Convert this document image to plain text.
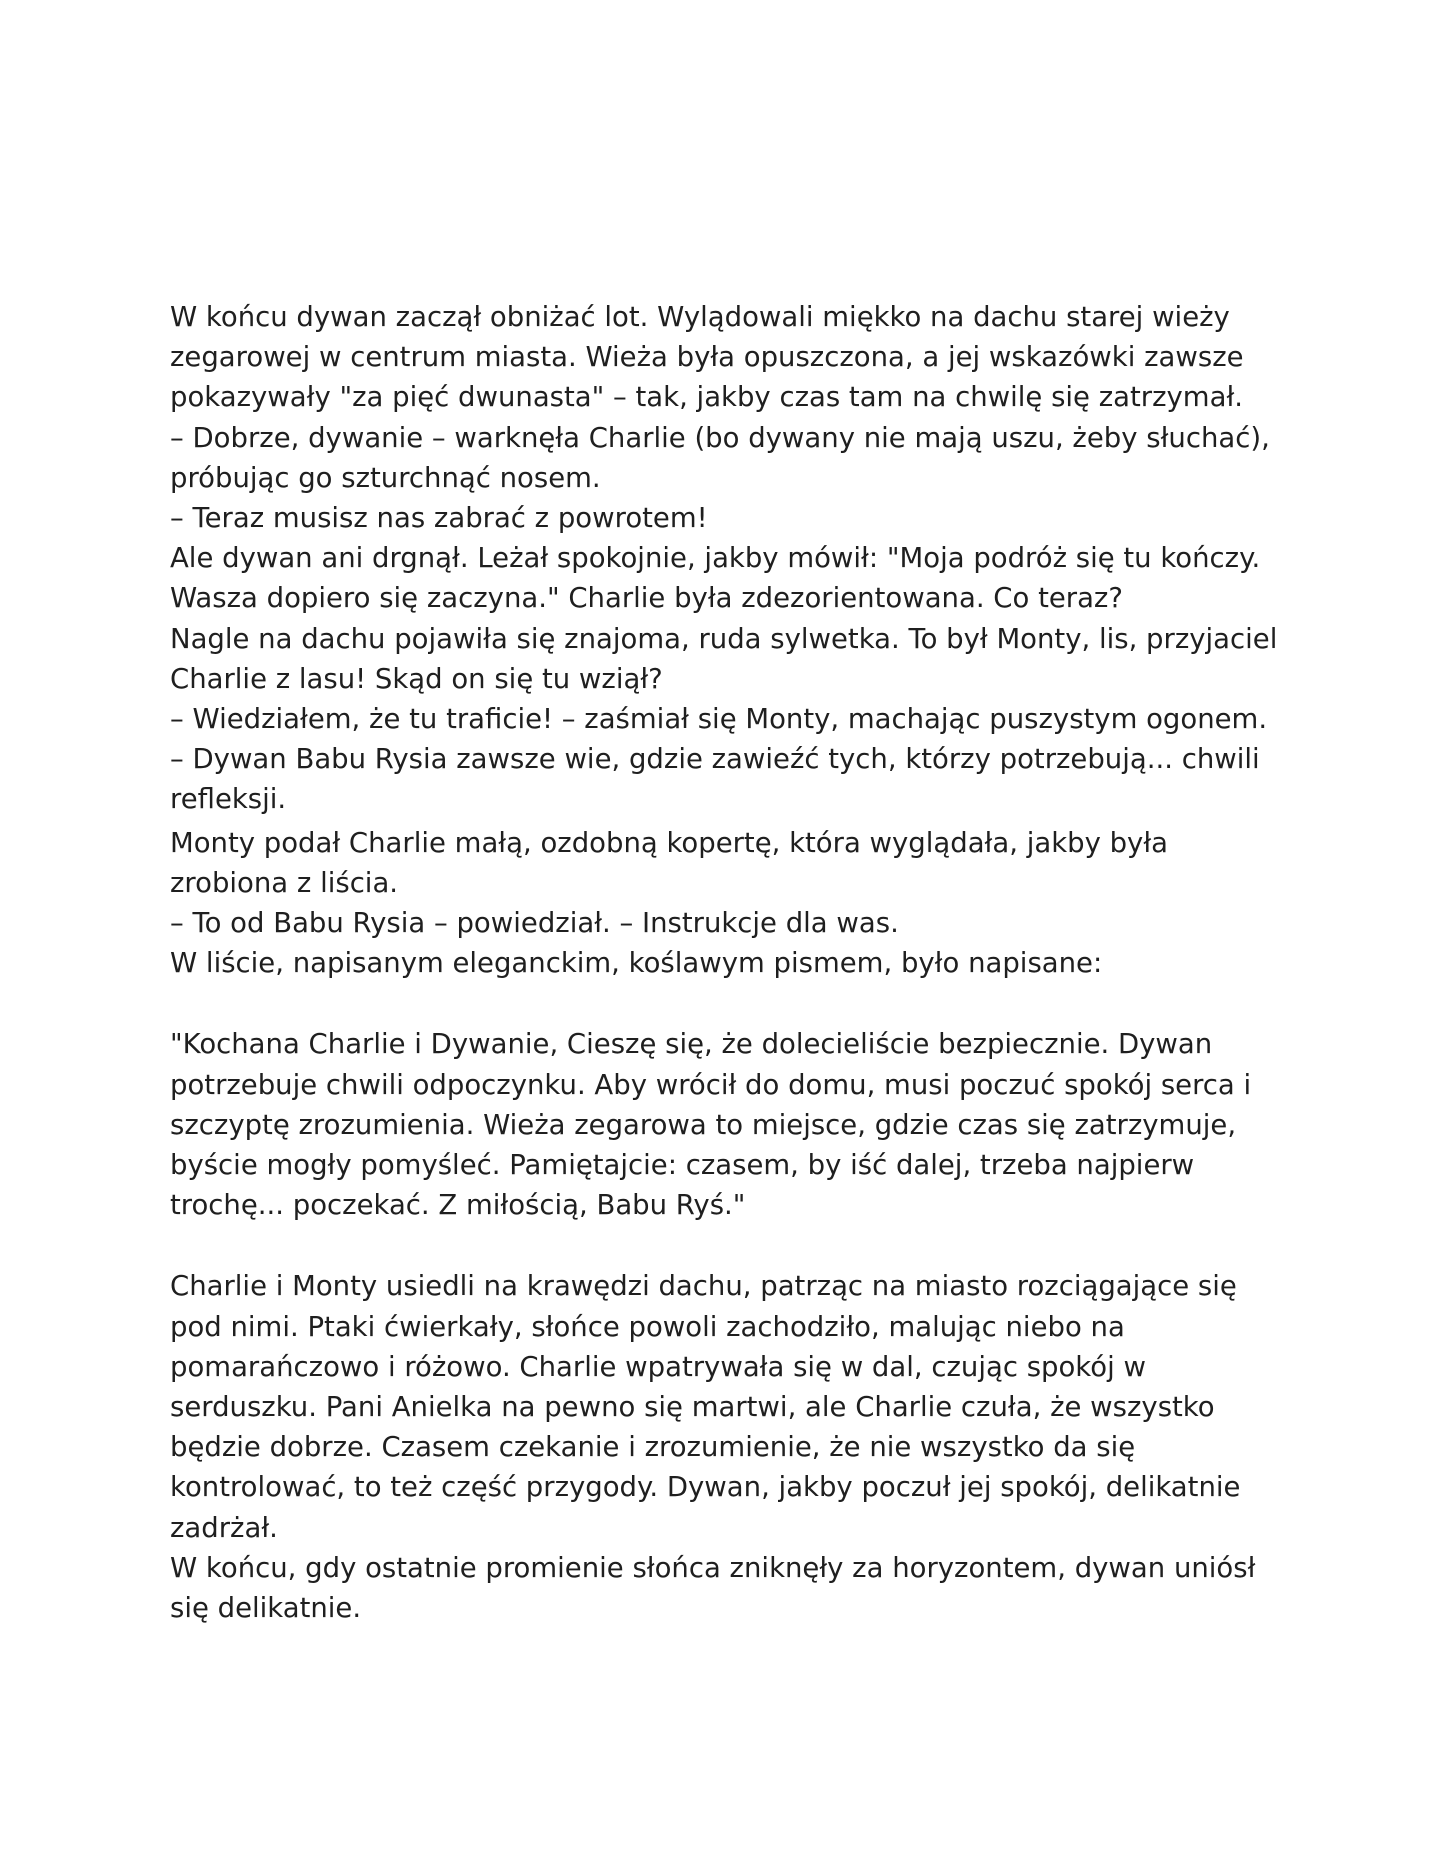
W końcu dywan zaczął obniżać lot. Wylądowali miękko na dachu starej wieży
zegarowej w centrum miasta. Wieża była opuszczona, a jej wskazówki zawsze
pokazywały "za pięć dwunasta" – tak, jakby czas tam na chwilę się zatrzymał.
– Dobrze, dywanie – warknęła Charlie (bo dywany nie mają uszu, żeby słuchać),
próbując go szturchnąć nosem.
– Teraz musisz nas zabrać z powrotem!
Ale dywan ani drgnął. Leżał spokojnie, jakby mówił: "Moja podróż się tu kończy.
Wasza dopiero się zaczyna." Charlie była zdezorientowana. Co teraz?
Nagle na dachu pojawiła się znajoma, ruda sylwetka. To był Monty, lis, przyjaciel
Charlie z lasu! Skąd on się tu wziął?
– Wiedziałem, że tu traficie! – zaśmiał się Monty, machając puszystym ogonem.
– Dywan Babu Rysia zawsze wie, gdzie zawieźć tych, którzy potrzebują... chwili
refleksji.
Monty podał Charlie małą, ozdobną kopertę, która wyglądała, jakby była
zrobiona z liścia.
– To od Babu Rysia – powiedział. – Instrukcje dla was.
W liście, napisanym eleganckim, koślawym pismem, było napisane:
"Kochana Charlie i Dywanie, Cieszę się, że dolecieliście bezpiecznie. Dywan
potrzebuje chwili odpoczynku. Aby wrócił do domu, musi poczuć spokój serca i
szczyptę zrozumienia. Wieża zegarowa to miejsce, gdzie czas się zatrzymuje,
byście mogły pomyśleć. Pamiętajcie: czasem, by iść dalej, trzeba najpierw
trochę... poczekać. Z miłością, Babu Ryś."
Charlie i Monty usiedli na krawędzi dachu, patrząc na miasto rozciągające się
pod nimi. Ptaki ćwierkały, słońce powoli zachodziło, malując niebo na
pomarańczowo i różowo. Charlie wpatrywała się w dal, czując spokój w
serduszku. Pani Anielka na pewno się martwi, ale Charlie czuła, że wszystko
będzie dobrze. Czasem czekanie i zrozumienie, że nie wszystko da się
kontrolować, to też część przygody. Dywan, jakby poczuł jej spokój, delikatnie
zadrżał.
W końcu, gdy ostatnie promienie słońca zniknęły za horyzontem, dywan uniósł
się delikatnie.
